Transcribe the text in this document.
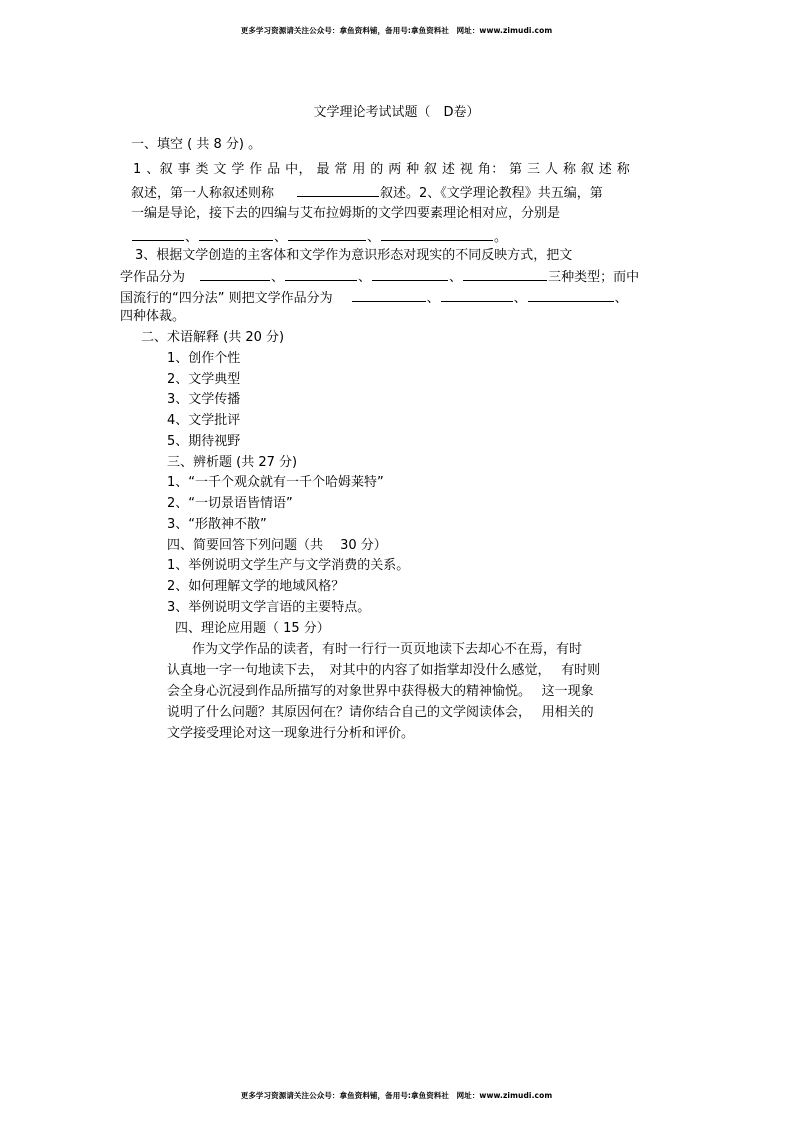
更多学习资源请关注公众号：拿鱼资料铺，备用号:拿鱼资料社　网址：www.zimudi.com
文学理论考试试题（　D卷）
一、填空 ( 共 8 分) 。
1 、叙 事 类 文 学 作 品 中， 最 常 用 的 两 种 叙 述 视 角： 第 三 人 称 叙 述 称
叙述，第一人称叙述则称	叙述。2、《文学理论教程》共五编，第
一编是导论，接下去的四编与艾布拉姆斯的文学四要素理论相对应，分别是
、	、	、	。
3、根据文学创造的主客体和文学作为意识形态对现实的不同反映方式，把文
学作品分为	、	、	、	三种类型；而中
国流行的“四分法” 则把文学作品分为	、	、	、
四种体裁。
二、术语解释 (共 20 分)
1、创作个性
2、文学典型
3、文学传播
4、文学批评
5、期待视野
三、辨析题 (共 27 分)
1、“一千个观众就有一千个哈姆莱特”
2、“一切景语皆情语”
3、“形散神不散”
四、简要回答下列问题（共　 30 分）
1、举例说明文学生产与文学消费的关系。
2、如何理解文学的地域风格？
3、举例说明文学言语的主要特点。
四、理论应用题（ 15 分）
作为文学作品的读者，有时一行行一页页地读下去却心不在焉，有时
认真地一字一句地读下去，　对其中的内容了如指掌却没什么感觉，　 有时则
会全身心沉浸到作品所描写的对象世界中获得极大的精神愉悦。　 这一现象
说明了什么问题？其原因何在？请你结合自己的文学阅读体会，　 用相关的
文学接受理论对这一现象进行分析和评价。
更多学习资源请关注公众号：拿鱼资料铺，备用号:拿鱼资料社　网址：www.zimudi.com
